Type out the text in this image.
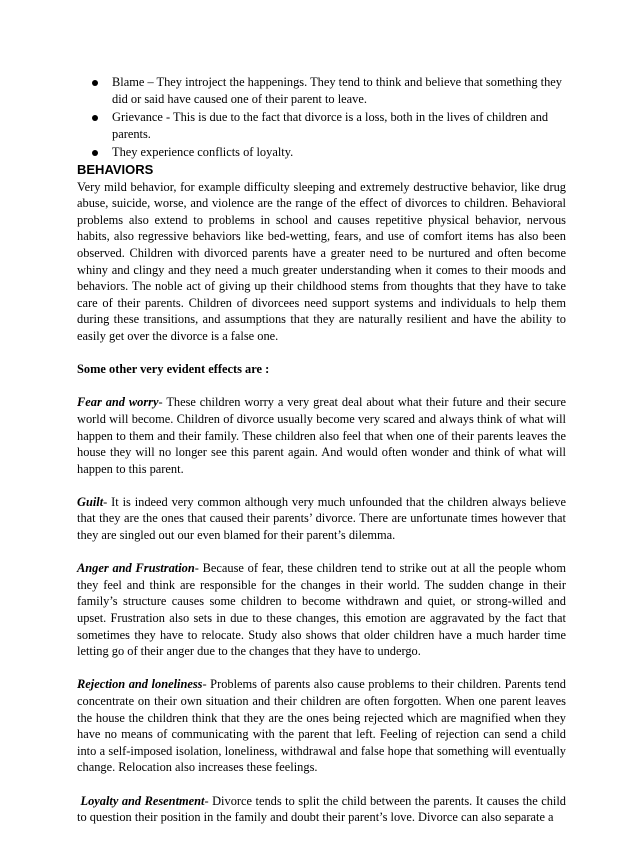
Blame – They introject the happenings. They tend to think and believe that something they did or said have caused one of their parent to leave.
Grievance - This is due to the fact that divorce is a loss, both in the lives of children and parents.
They experience conflicts of loyalty.
BEHAVIORS

Very mild behavior, for example difficulty sleeping and extremely destructive behavior, like drug abuse, suicide, worse, and violence are the range of the effect of divorces to children. Behavioral problems also extend to problems in school and causes repetitive physical behavior, nervous habits, also regressive behaviors like bed-wetting, fears, and use of comfort items has also been observed. Children with divorced parents have a greater need to be nurtured and often become whiny and clingy and they need a much greater understanding when it comes to their moods and behaviors. The noble act of giving up their childhood stems from thoughts that they have to take care of their parents. Children of divorcees need support systems and individuals to help them during these transitions, and assumptions that they are naturally resilient and have the ability to easily get over the divorce is a false one.

Some other very evident effects are :

Fear and worry- These children worry a very great deal about what their future and their secure world will become. Children of divorce usually become very scared and always think of what will happen to them and their family. These children also feel that when one of their parents leaves the house they will no longer see this parent again. And would often wonder and think of what will happen to this parent.

Guilt- It is indeed very common although very much unfounded that the children always believe that they are the ones that caused their parents’ divorce. There are unfortunate times however that they are singled out our even blamed for their parent’s dilemma.

Anger and Frustration- Because of fear, these children tend to strike out at all the people whom they feel and think are responsible for the changes in their world. The sudden change in their family’s structure causes some children to become withdrawn and quiet, or strong-willed and upset. Frustration also sets in due to these changes, this emotion are aggravated by the fact that sometimes they have to relocate. Study also shows that older children have a much harder time letting go of their anger due to the changes that they have to undergo.

Rejection and loneliness- Problems of parents also cause problems to their children. Parents tend concentrate on their own situation and their children are often forgotten. When one parent leaves the house the children think that they are the ones being rejected which are magnified when they have no means of communicating with the parent that left. Feeling of rejection can send a child into a self-imposed isolation, loneliness, withdrawal and false hope that something will eventually change. Relocation also increases these feelings.

Loyalty and Resentment- Divorce tends to split the child between the parents. It causes the child to question their position in the family and doubt their parent’s love. Divorce can also separate a
